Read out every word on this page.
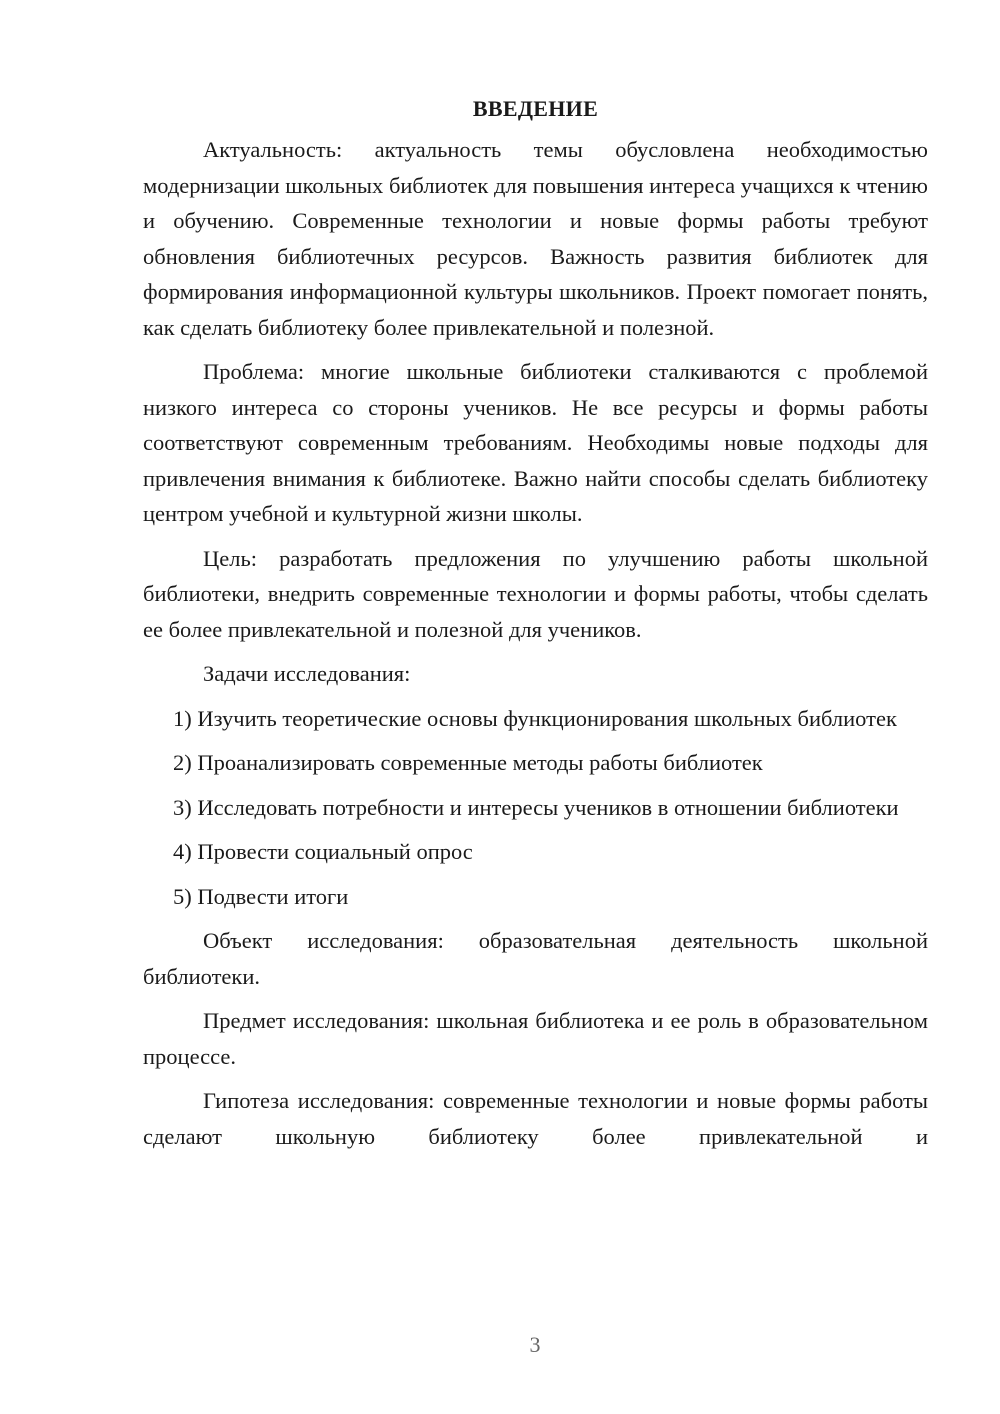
ВВЕДЕНИЕ

Актуальность: актуальность темы обусловлена необходимостью модернизации школьных библиотек для повышения интереса учащихся к чтению и обучению. Современные технологии и новые формы работы требуют обновления библиотечных ресурсов. Важность развития библиотек для формирования информационной культуры школьников. Проект помогает понять, как сделать библиотеку более привлекательной и полезной.

Проблема: многие школьные библиотеки сталкиваются с проблемой низкого интереса со стороны учеников. Не все ресурсы и формы работы соответствуют современным требованиям. Необходимы новые подходы для привлечения внимания к библиотеке. Важно найти способы сделать библиотеку центром учебной и культурной жизни школы.

Цель: разработать предложения по улучшению работы школьной библиотеки, внедрить современные технологии и формы работы, чтобы сделать ее более привлекательной и полезной для учеников.

Задачи исследования:

1) Изучить теоретические основы функционирования школьных библиотек

2) Проанализировать современные методы работы библиотек

3) Исследовать потребности и интересы учеников в отношении библиотеки

4) Провести социальный опрос

5) Подвести итоги

Объект исследования: образовательная деятельность школьной библиотеки.

Предмет исследования: школьная библиотека и ее роль в образовательном процессе.

Гипотеза исследования: современные технологии и новые формы работы сделают школьную библиотеку более привлекательной и

3
